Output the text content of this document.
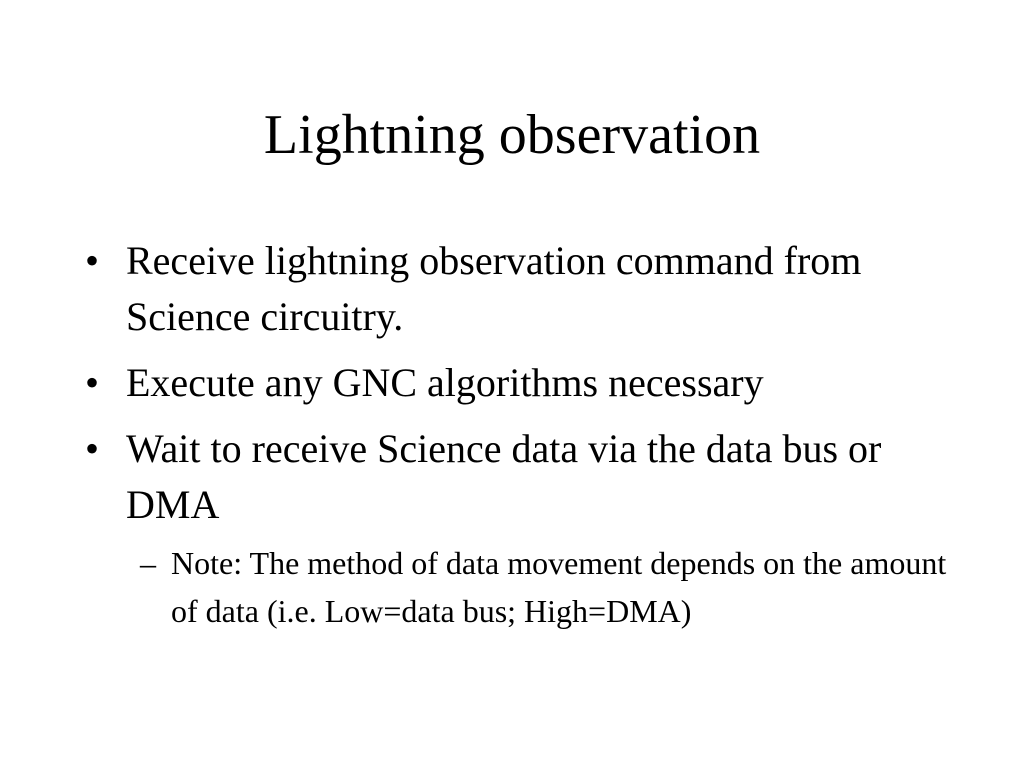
Lightning observation
• Receive lightning observation command from Science circuitry.
• Execute any GNC algorithms necessary
• Wait to receive Science data via the data bus or DMA
– Note: The method of data movement depends on the amount of data (i.e. Low=data bus; High=DMA)
